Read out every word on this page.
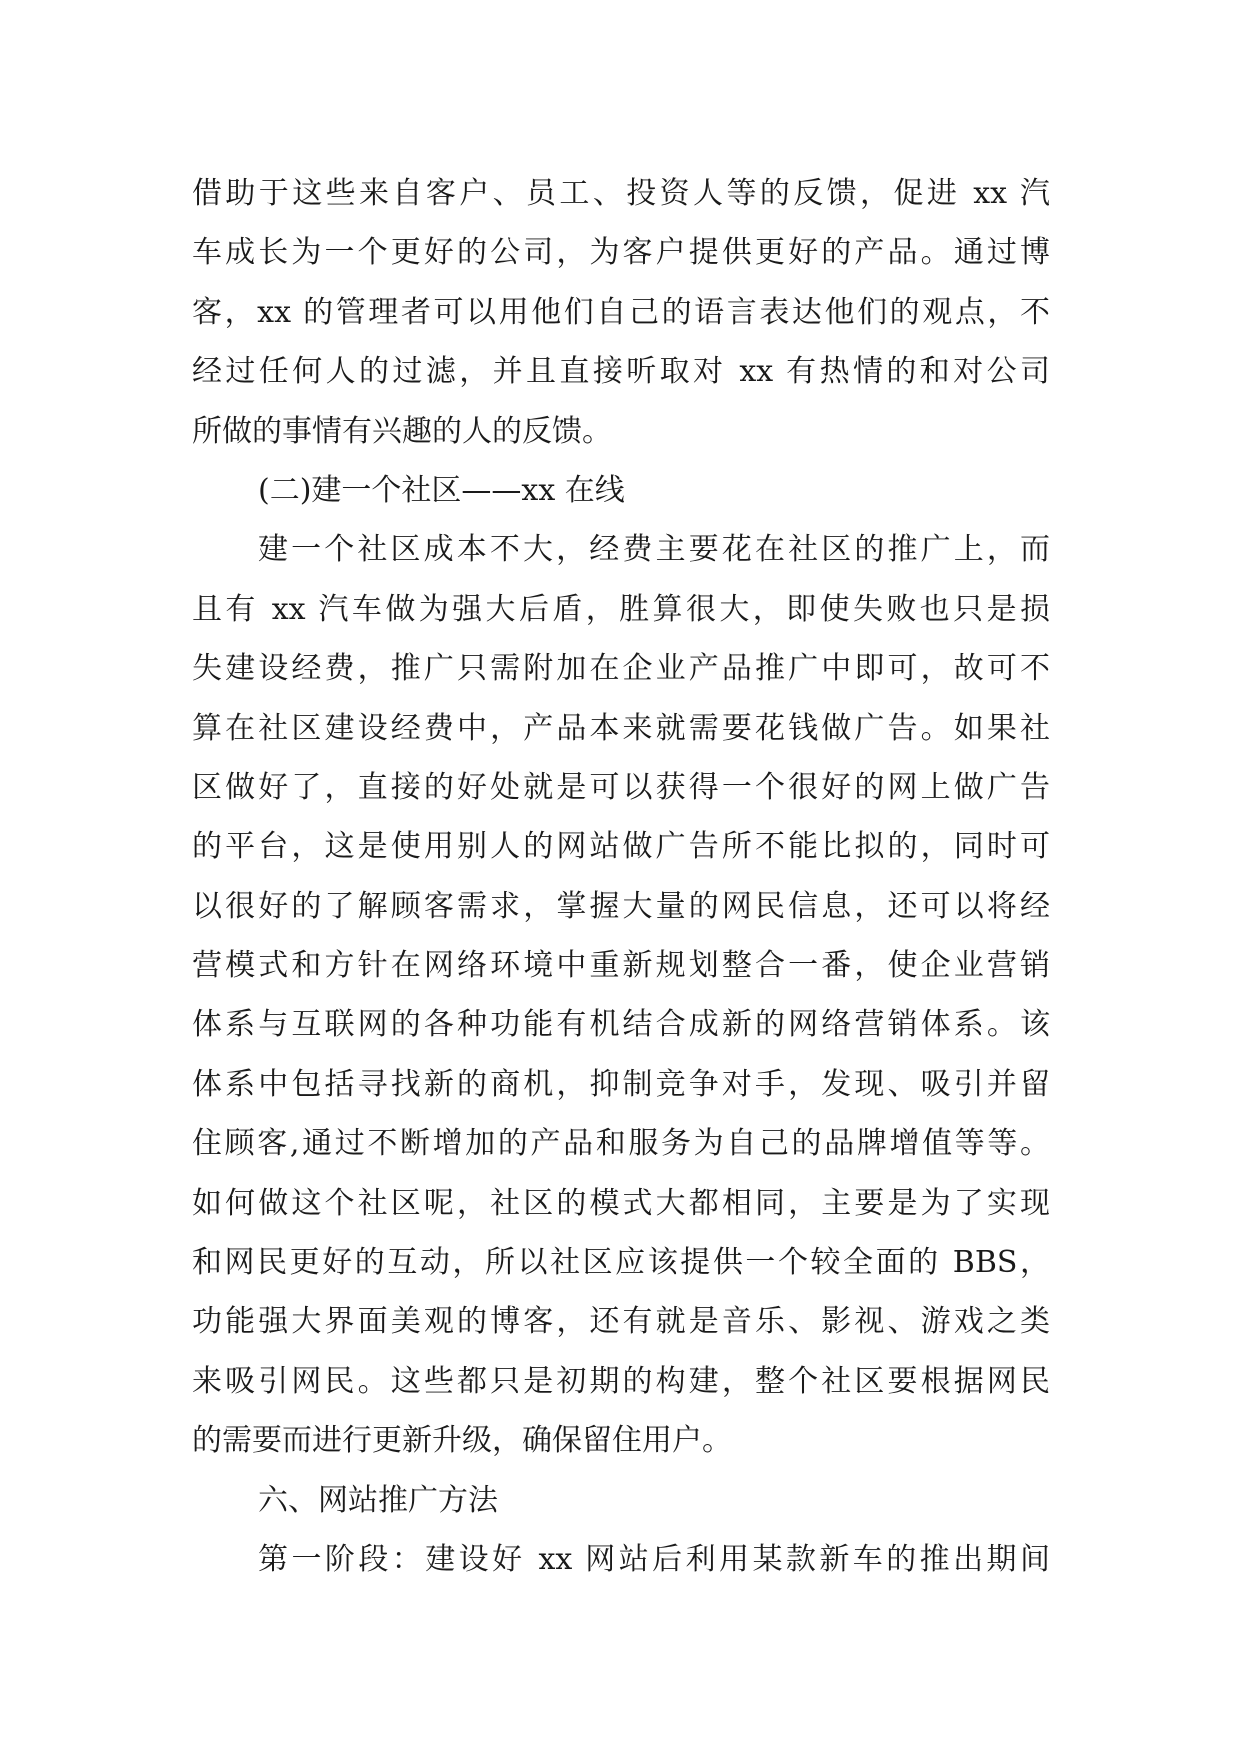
借助于这些来自客户、员工、投资人等的反馈，促进 xx 汽
车成长为一个更好的公司，为客户提供更好的产品。通过博
客，xx 的管理者可以用他们自己的语言表达他们的观点，不
经过任何人的过滤，并且直接听取对 xx 有热情的和对公司
所做的事情有兴趣的人的反馈。
(二)建一个社区——xx 在线
建一个社区成本不大，经费主要花在社区的推广上，而
且有 xx 汽车做为强大后盾，胜算很大，即使失败也只是损
失建设经费，推广只需附加在企业产品推广中即可，故可不
算在社区建设经费中，产品本来就需要花钱做广告。如果社
区做好了，直接的好处就是可以获得一个很好的网上做广告
的平台，这是使用别人的网站做广告所不能比拟的，同时可
以很好的了解顾客需求，掌握大量的网民信息，还可以将经
营模式和方针在网络环境中重新规划整合一番，使企业营销
体系与互联网的各种功能有机结合成新的网络营销体系。该
体系中包括寻找新的商机，抑制竞争对手，发现、吸引并留
住顾客,通过不断增加的产品和服务为自己的品牌增值等等。
如何做这个社区呢，社区的模式大都相同，主要是为了实现
和网民更好的互动，所以社区应该提供一个较全面的 BBS，
功能强大界面美观的博客，还有就是音乐、影视、游戏之类
来吸引网民。这些都只是初期的构建，整个社区要根据网民
的需要而进行更新升级，确保留住用户。
六、网站推广方法
第一阶段：建设好 xx 网站后利用某款新车的推出期间
